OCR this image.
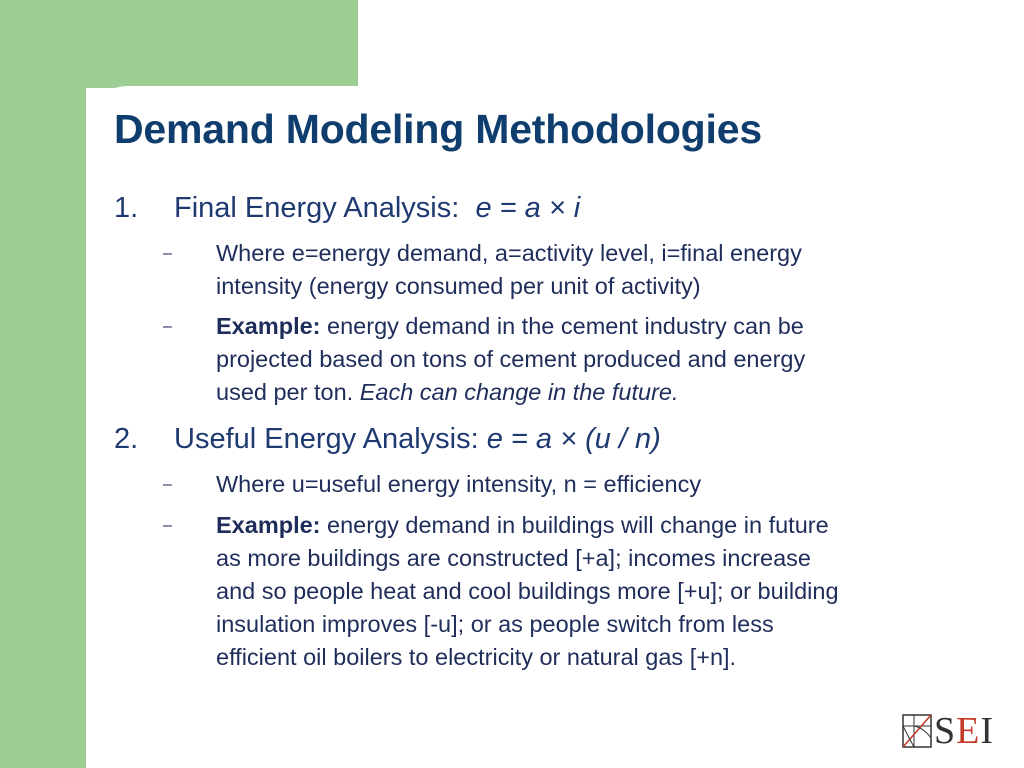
Demand Modeling Methodologies
1. Final Energy Analysis: e = a × i
– Where e=energy demand, a=activity level, i=final energy
intensity (energy consumed per unit of activity)
– Example: energy demand in the cement industry can be
projected based on tons of cement produced and energy
used per ton. Each can change in the future.
2. Useful Energy Analysis: e = a × (u / n)
– Where u=useful energy intensity, n = efficiency
– Example: energy demand in buildings will change in future
as more buildings are constructed [+a]; incomes increase
and so people heat and cool buildings more [+u]; or building
insulation improves [-u]; or as people switch from less
efficient oil boilers to electricity or natural gas [+n].
SEI
